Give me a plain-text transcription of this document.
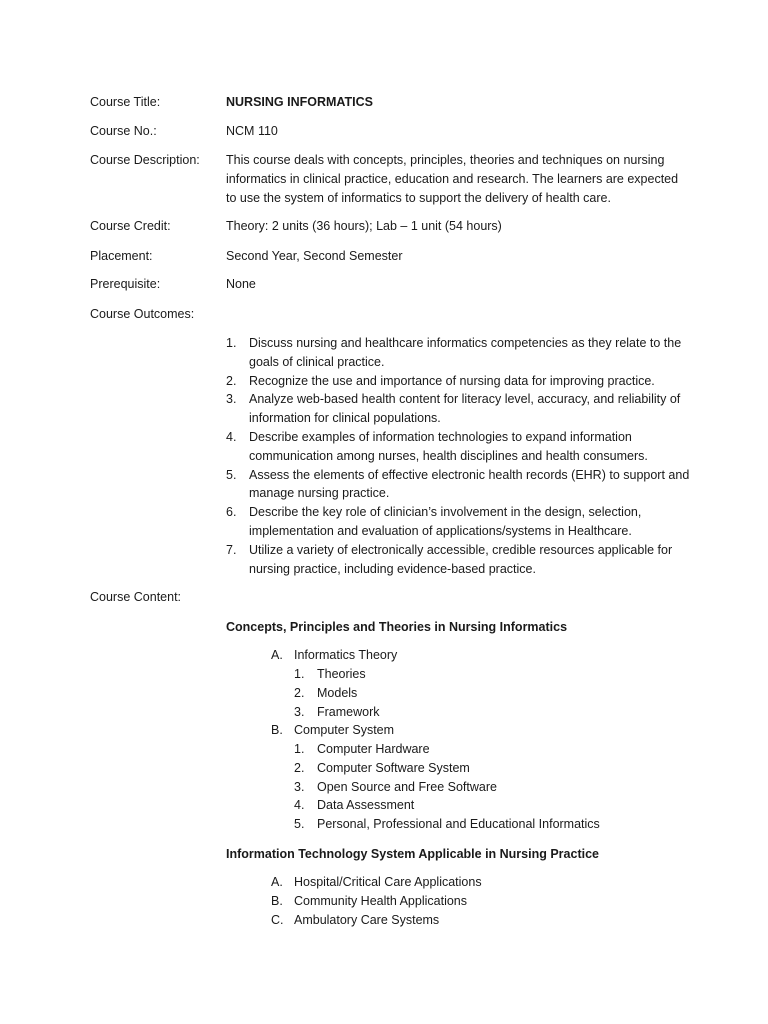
Course Title:	NURSING INFORMATICS
Course No.:	NCM 110
Course Description:	This course deals with concepts, principles, theories and techniques on nursing informatics in clinical practice, education and research. The learners are expected to use the system of informatics to support the delivery of health care.
Course Credit:	Theory: 2 units (36 hours); Lab – 1 unit (54 hours)
Placement:	Second Year, Second Semester
Prerequisite:	None
Course Outcomes:
1. Discuss nursing and healthcare informatics competencies as they relate to the goals of clinical practice.
2. Recognize the use and importance of nursing data for improving practice.
3. Analyze web-based health content for literacy level, accuracy, and reliability of information for clinical populations.
4. Describe examples of information technologies to expand information communication among nurses, health disciplines and health consumers.
5. Assess the elements of effective electronic health records (EHR) to support and manage nursing practice.
6. Describe the key role of clinician’s involvement in the design, selection, implementation and evaluation of applications/systems in Healthcare.
7. Utilize a variety of electronically accessible, credible resources applicable for nursing practice, including evidence-based practice.
Course Content:
Concepts, Principles and Theories in Nursing Informatics
A. Informatics Theory
1. Theories
2. Models
3. Framework
B. Computer System
1. Computer Hardware
2. Computer Software System
3. Open Source and Free Software
4. Data Assessment
5. Personal, Professional and Educational Informatics
Information Technology System Applicable in Nursing Practice
A. Hospital/Critical Care Applications
B. Community Health Applications
C. Ambulatory Care Systems
